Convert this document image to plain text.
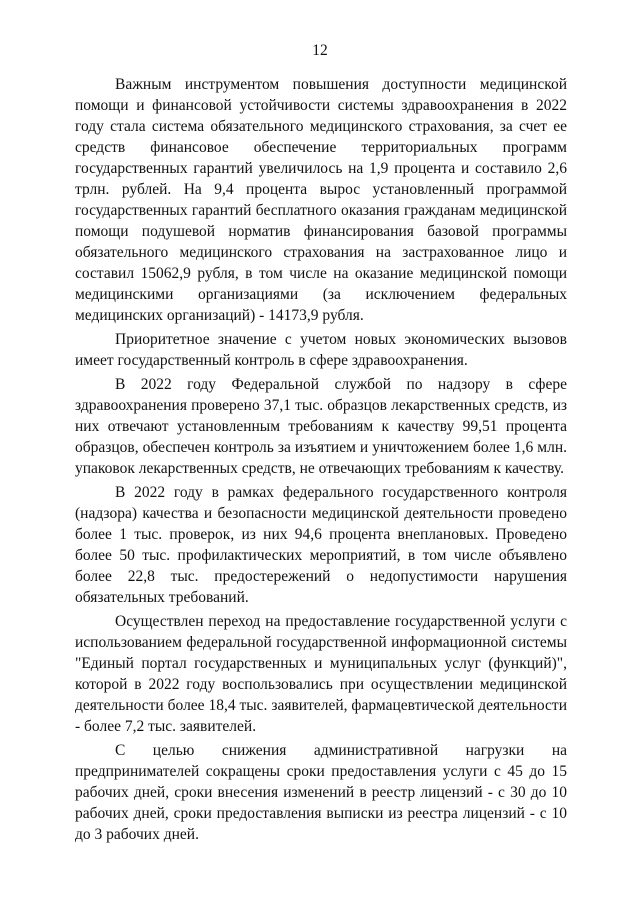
12

Важным инструментом повышения доступности медицинской помощи и финансовой устойчивости системы здравоохранения в 2022 году стала система обязательного медицинского страхования, за счет ее средств финансовое обеспечение территориальных программ государственных гарантий увеличилось на 1,9 процента и составило 2,6 трлн. рублей. На 9,4 процента вырос установленный программой государственных гарантий бесплатного оказания гражданам медицинской помощи подушевой норматив финансирования базовой программы обязательного медицинского страхования на застрахованное лицо и составил 15062,9 рубля, в том числе на оказание медицинской помощи медицинскими организациями (за исключением федеральных медицинских организаций) - 14173,9 рубля.

Приоритетное значение с учетом новых экономических вызовов имеет государственный контроль в сфере здравоохранения.

В 2022 году Федеральной службой по надзору в сфере здравоохранения проверено 37,1 тыс. образцов лекарственных средств, из них отвечают установленным требованиям к качеству 99,51 процента образцов, обеспечен контроль за изъятием и уничтожением более 1,6 млн. упаковок лекарственных средств, не отвечающих требованиям к качеству.

В 2022 году в рамках федерального государственного контроля (надзора) качества и безопасности медицинской деятельности проведено более 1 тыс. проверок, из них 94,6 процента внеплановых. Проведено более 50 тыс. профилактических мероприятий, в том числе объявлено более 22,8 тыс. предостережений о недопустимости нарушения обязательных требований.

Осуществлен переход на предоставление государственной услуги с использованием федеральной государственной информационной системы "Единый портал государственных и муниципальных услуг (функций)", которой в 2022 году воспользовались при осуществлении медицинской деятельности более 18,4 тыс. заявителей, фармацевтической деятельности - более 7,2 тыс. заявителей.

С целью снижения административной нагрузки на предпринимателей сокращены сроки предоставления услуги с 45 до 15 рабочих дней, сроки внесения изменений в реестр лицензий - с 30 до 10 рабочих дней, сроки предоставления выписки из реестра лицензий - с 10 до 3 рабочих дней.
